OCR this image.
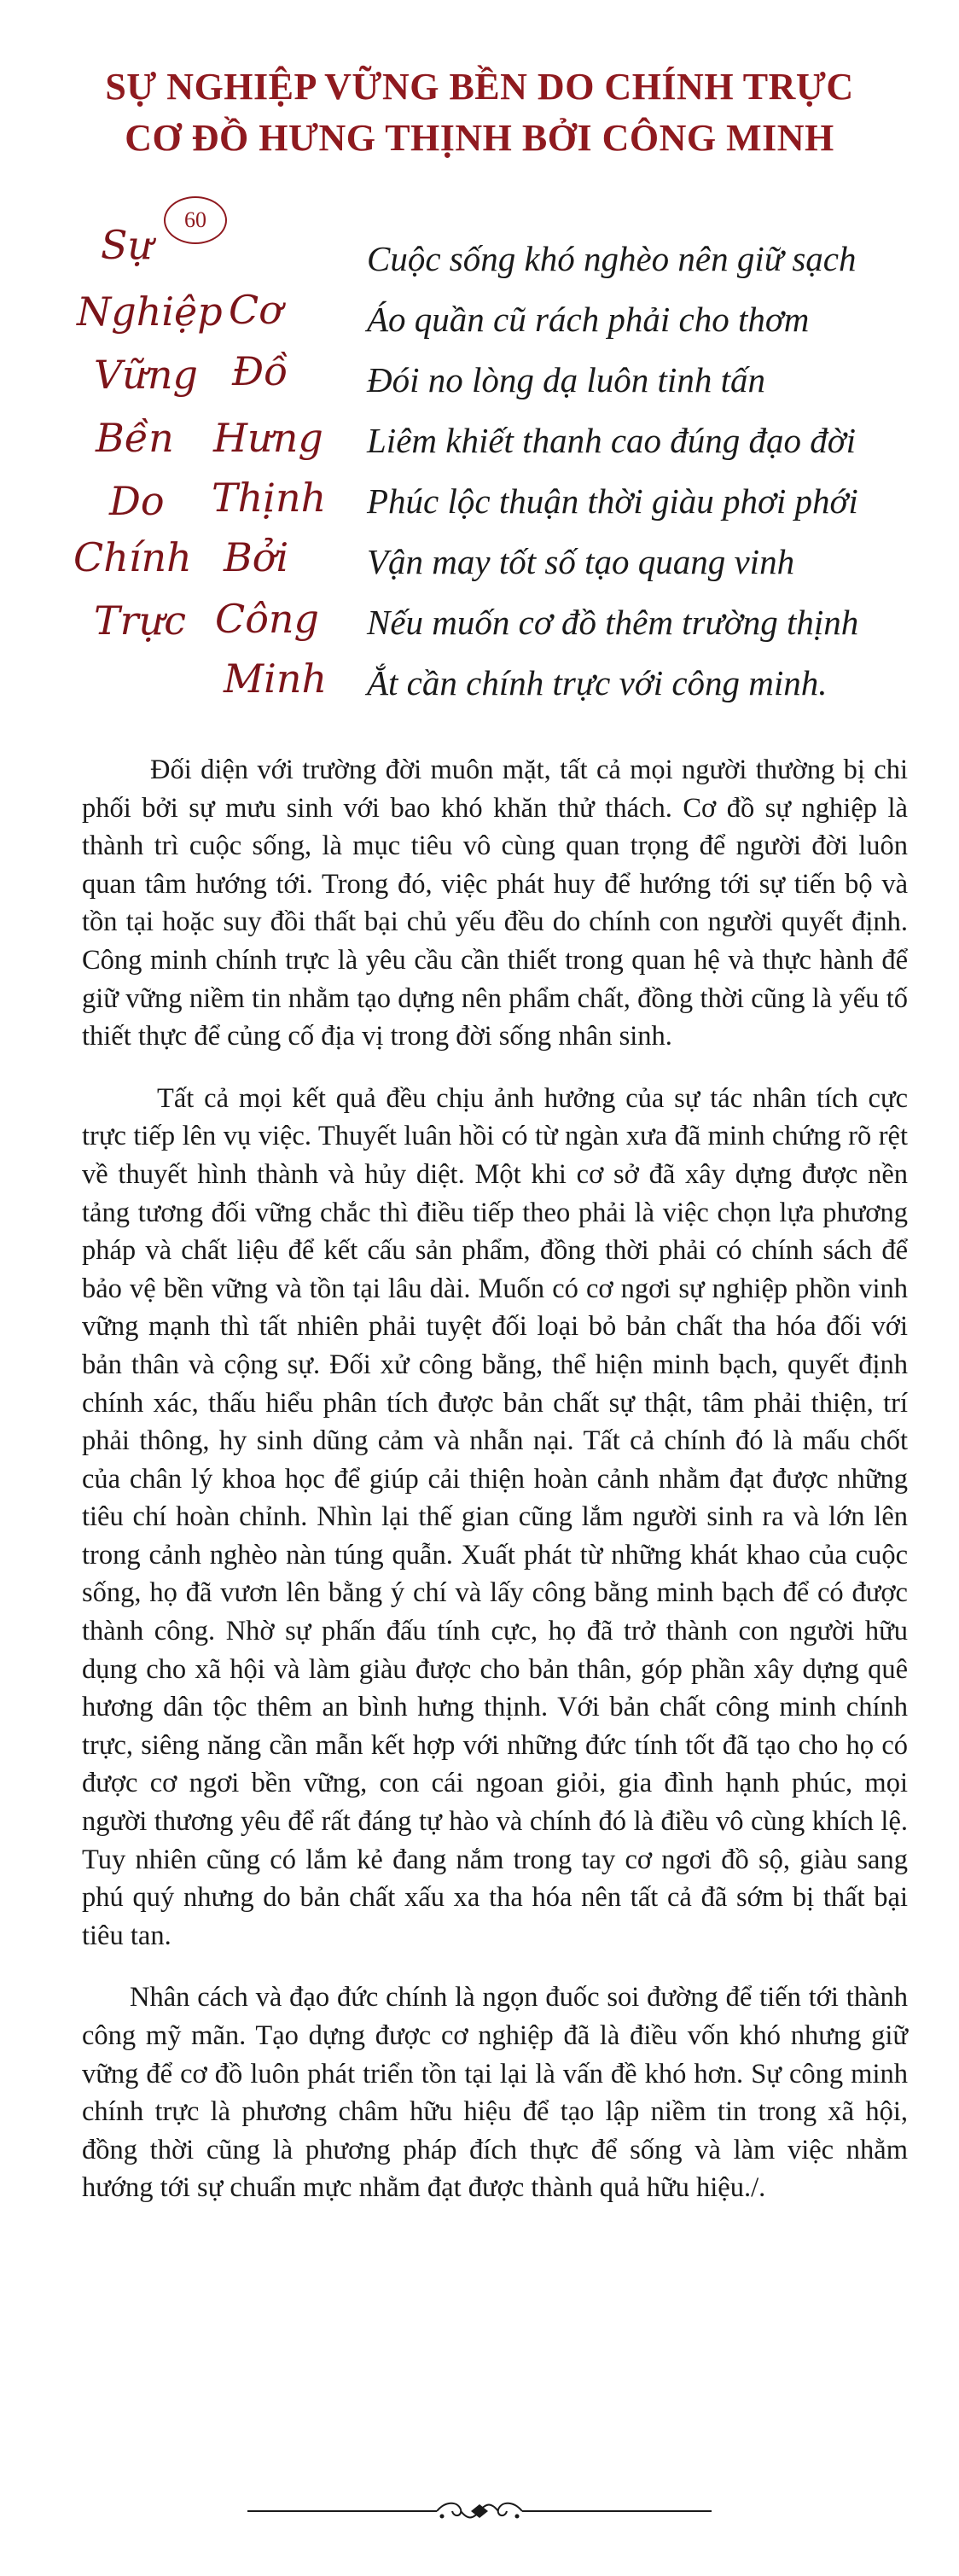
SỰ NGHIỆP VỮNG BỀN DO CHÍNH TRỰC
CƠ ĐỒ HƯNG THỊNH BỞI CÔNG MINH
60
Sự
Nghiệp
Vững
Bền
Do
Chính
Trực
Cơ
Đồ
Hưng
Thịnh
Bởi
Công
Minh
Cuộc sống khó nghèo nên giữ sạch
Áo quần cũ rách phải cho thơm
Đói no lòng dạ luôn tinh tấn
Liêm khiết thanh cao đúng đạo đời
Phúc lộc thuận thời giàu phơi phới
Vận may tốt số tạo quang vinh
Nếu muốn cơ đồ thêm trường thịnh
Ắt cần chính trực với công minh.

Đối diện với trường đời muôn mặt, tất cả mọi người thường bị chi phối bởi sự mưu sinh với bao khó khăn thử thách. Cơ đồ sự nghiệp là thành trì cuộc sống, là mục tiêu vô cùng quan trọng để người đời luôn quan tâm hướng tới. Trong đó, việc phát huy để hướng tới sự tiến bộ và tồn tại hoặc suy đồi thất bại chủ yếu đều do chính con người quyết định. Công minh chính trực là yêu cầu cần thiết trong quan hệ và thực hành để giữ vững niềm tin nhằm tạo dựng nên phẩm chất, đồng thời cũng là yếu tố thiết thực để củng cố địa vị trong đời sống nhân sinh.

Tất cả mọi kết quả đều chịu ảnh hưởng của sự tác nhân tích cực trực tiếp lên vụ việc. Thuyết luân hồi có từ ngàn xưa đã minh chứng rõ rệt về thuyết hình thành và hủy diệt. Một khi cơ sở đã xây dựng được nền tảng tương đối vững chắc thì điều tiếp theo phải là việc chọn lựa phương pháp và chất liệu để kết cấu sản phẩm, đồng thời phải có chính sách để bảo vệ bền vững và tồn tại lâu dài. Muốn có cơ ngơi sự nghiệp phồn vinh vững mạnh thì tất nhiên phải tuyệt đối loại bỏ bản chất tha hóa đối với bản thân và cộng sự. Đối xử công bằng, thể hiện minh bạch, quyết định chính xác, thấu hiểu phân tích được bản chất sự thật, tâm phải thiện, trí phải thông, hy sinh dũng cảm và nhẫn nại. Tất cả chính đó là mấu chốt của chân lý khoa học để giúp cải thiện hoàn cảnh nhằm đạt được những tiêu chí hoàn chỉnh. Nhìn lại thế gian cũng lắm người sinh ra và lớn lên trong cảnh nghèo nàn túng quẫn. Xuất phát từ những khát khao của cuộc sống, họ đã vươn lên bằng ý chí và lấy công bằng minh bạch để có được thành công. Nhờ sự phấn đấu tính cực, họ đã trở thành con người hữu dụng cho xã hội và làm giàu được cho bản thân, góp phần xây dựng quê hương dân tộc thêm an bình hưng thịnh. Với bản chất công minh chính trực, siêng năng cần mẫn kết hợp với những đức tính tốt đã tạo cho họ có được cơ ngơi bền vững, con cái ngoan giỏi, gia đình hạnh phúc, mọi người thương yêu để rất đáng tự hào và chính đó là điều vô cùng khích lệ. Tuy nhiên cũng có lắm kẻ đang nắm trong tay cơ ngơi đồ sộ, giàu sang phú quý nhưng do bản chất xấu xa tha hóa nên tất cả đã sớm bị thất bại tiêu tan.

Nhân cách và đạo đức chính là ngọn đuốc soi đường để tiến tới thành công mỹ mãn. Tạo dựng được cơ nghiệp đã là điều vốn khó nhưng giữ vững để cơ đồ luôn phát triển tồn tại lại là vấn đề khó hơn. Sự công minh chính trực là phương châm hữu hiệu để tạo lập niềm tin trong xã hội, đồng thời cũng là phương pháp đích thực để sống và làm việc nhằm hướng tới sự chuẩn mực nhằm đạt được thành quả hữu hiệu./.
